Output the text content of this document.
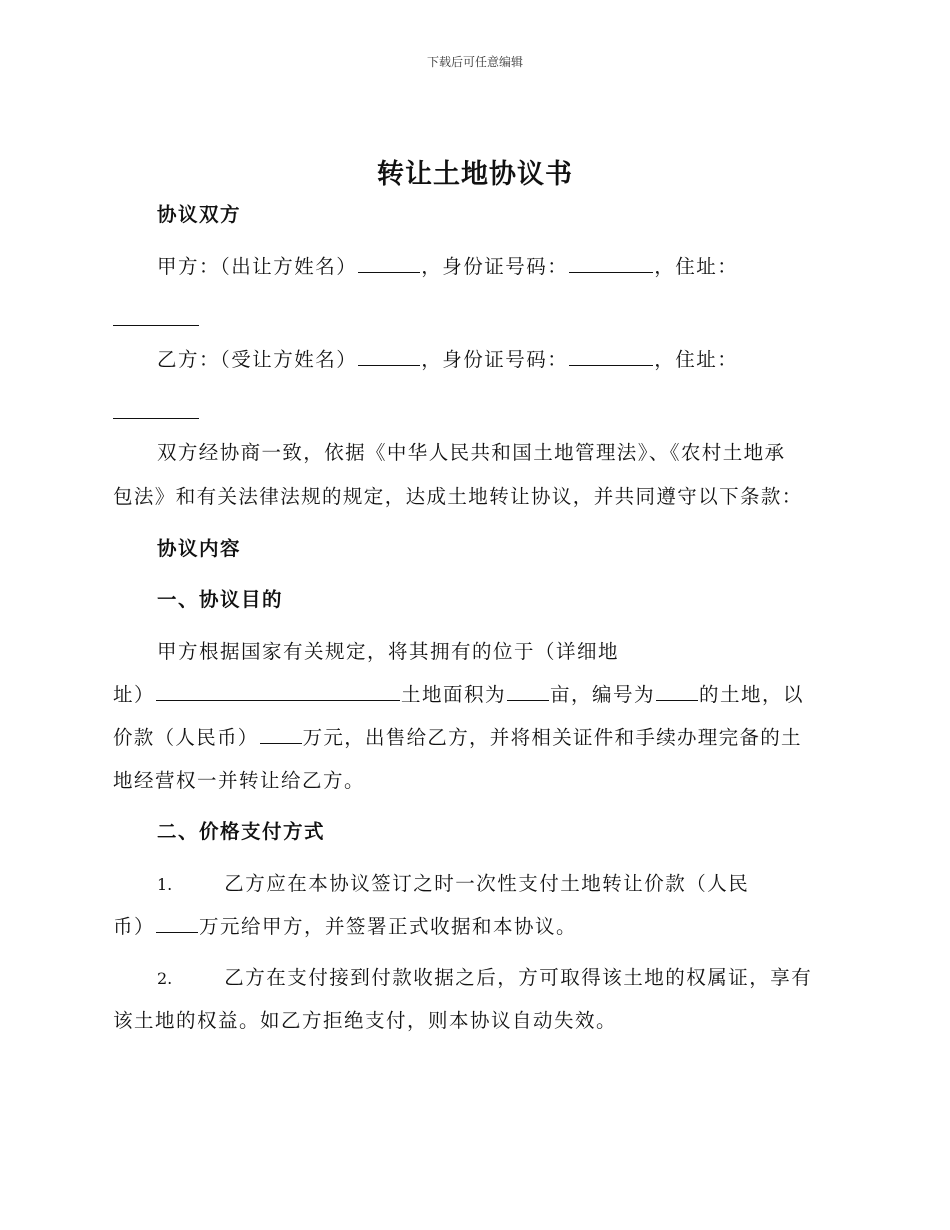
下载后可任意编辑
转让土地协议书
协议双方
甲方：（出让方姓名）	，身份证号码：	，住址：
乙方：（受让方姓名）	，身份证号码：	，住址：
双方经协商一致，依据《中华人民共和国土地管理法》、《农村土地承
包法》和有关法律法规的规定，达成土地转让协议，并共同遵守以下条款：
协议内容
一、协议目的
甲方根据国家有关规定，将其拥有的位于（详细地
址）	土地面积为 亩，编号为 的土地，以
价款（人民币） 万元，出售给乙方，并将相关证件和手续办理完备的土
地经营权一并转让给乙方。
二、价格支付方式
1.	乙方应在本协议签订之时一次性支付土地转让价款（人民
币） 万元给甲方，并签署正式收据和本协议。
2.	乙方在支付接到付款收据之后，方可取得该土地的权属证，享有
该土地的权益。如乙方拒绝支付，则本协议自动失效。
